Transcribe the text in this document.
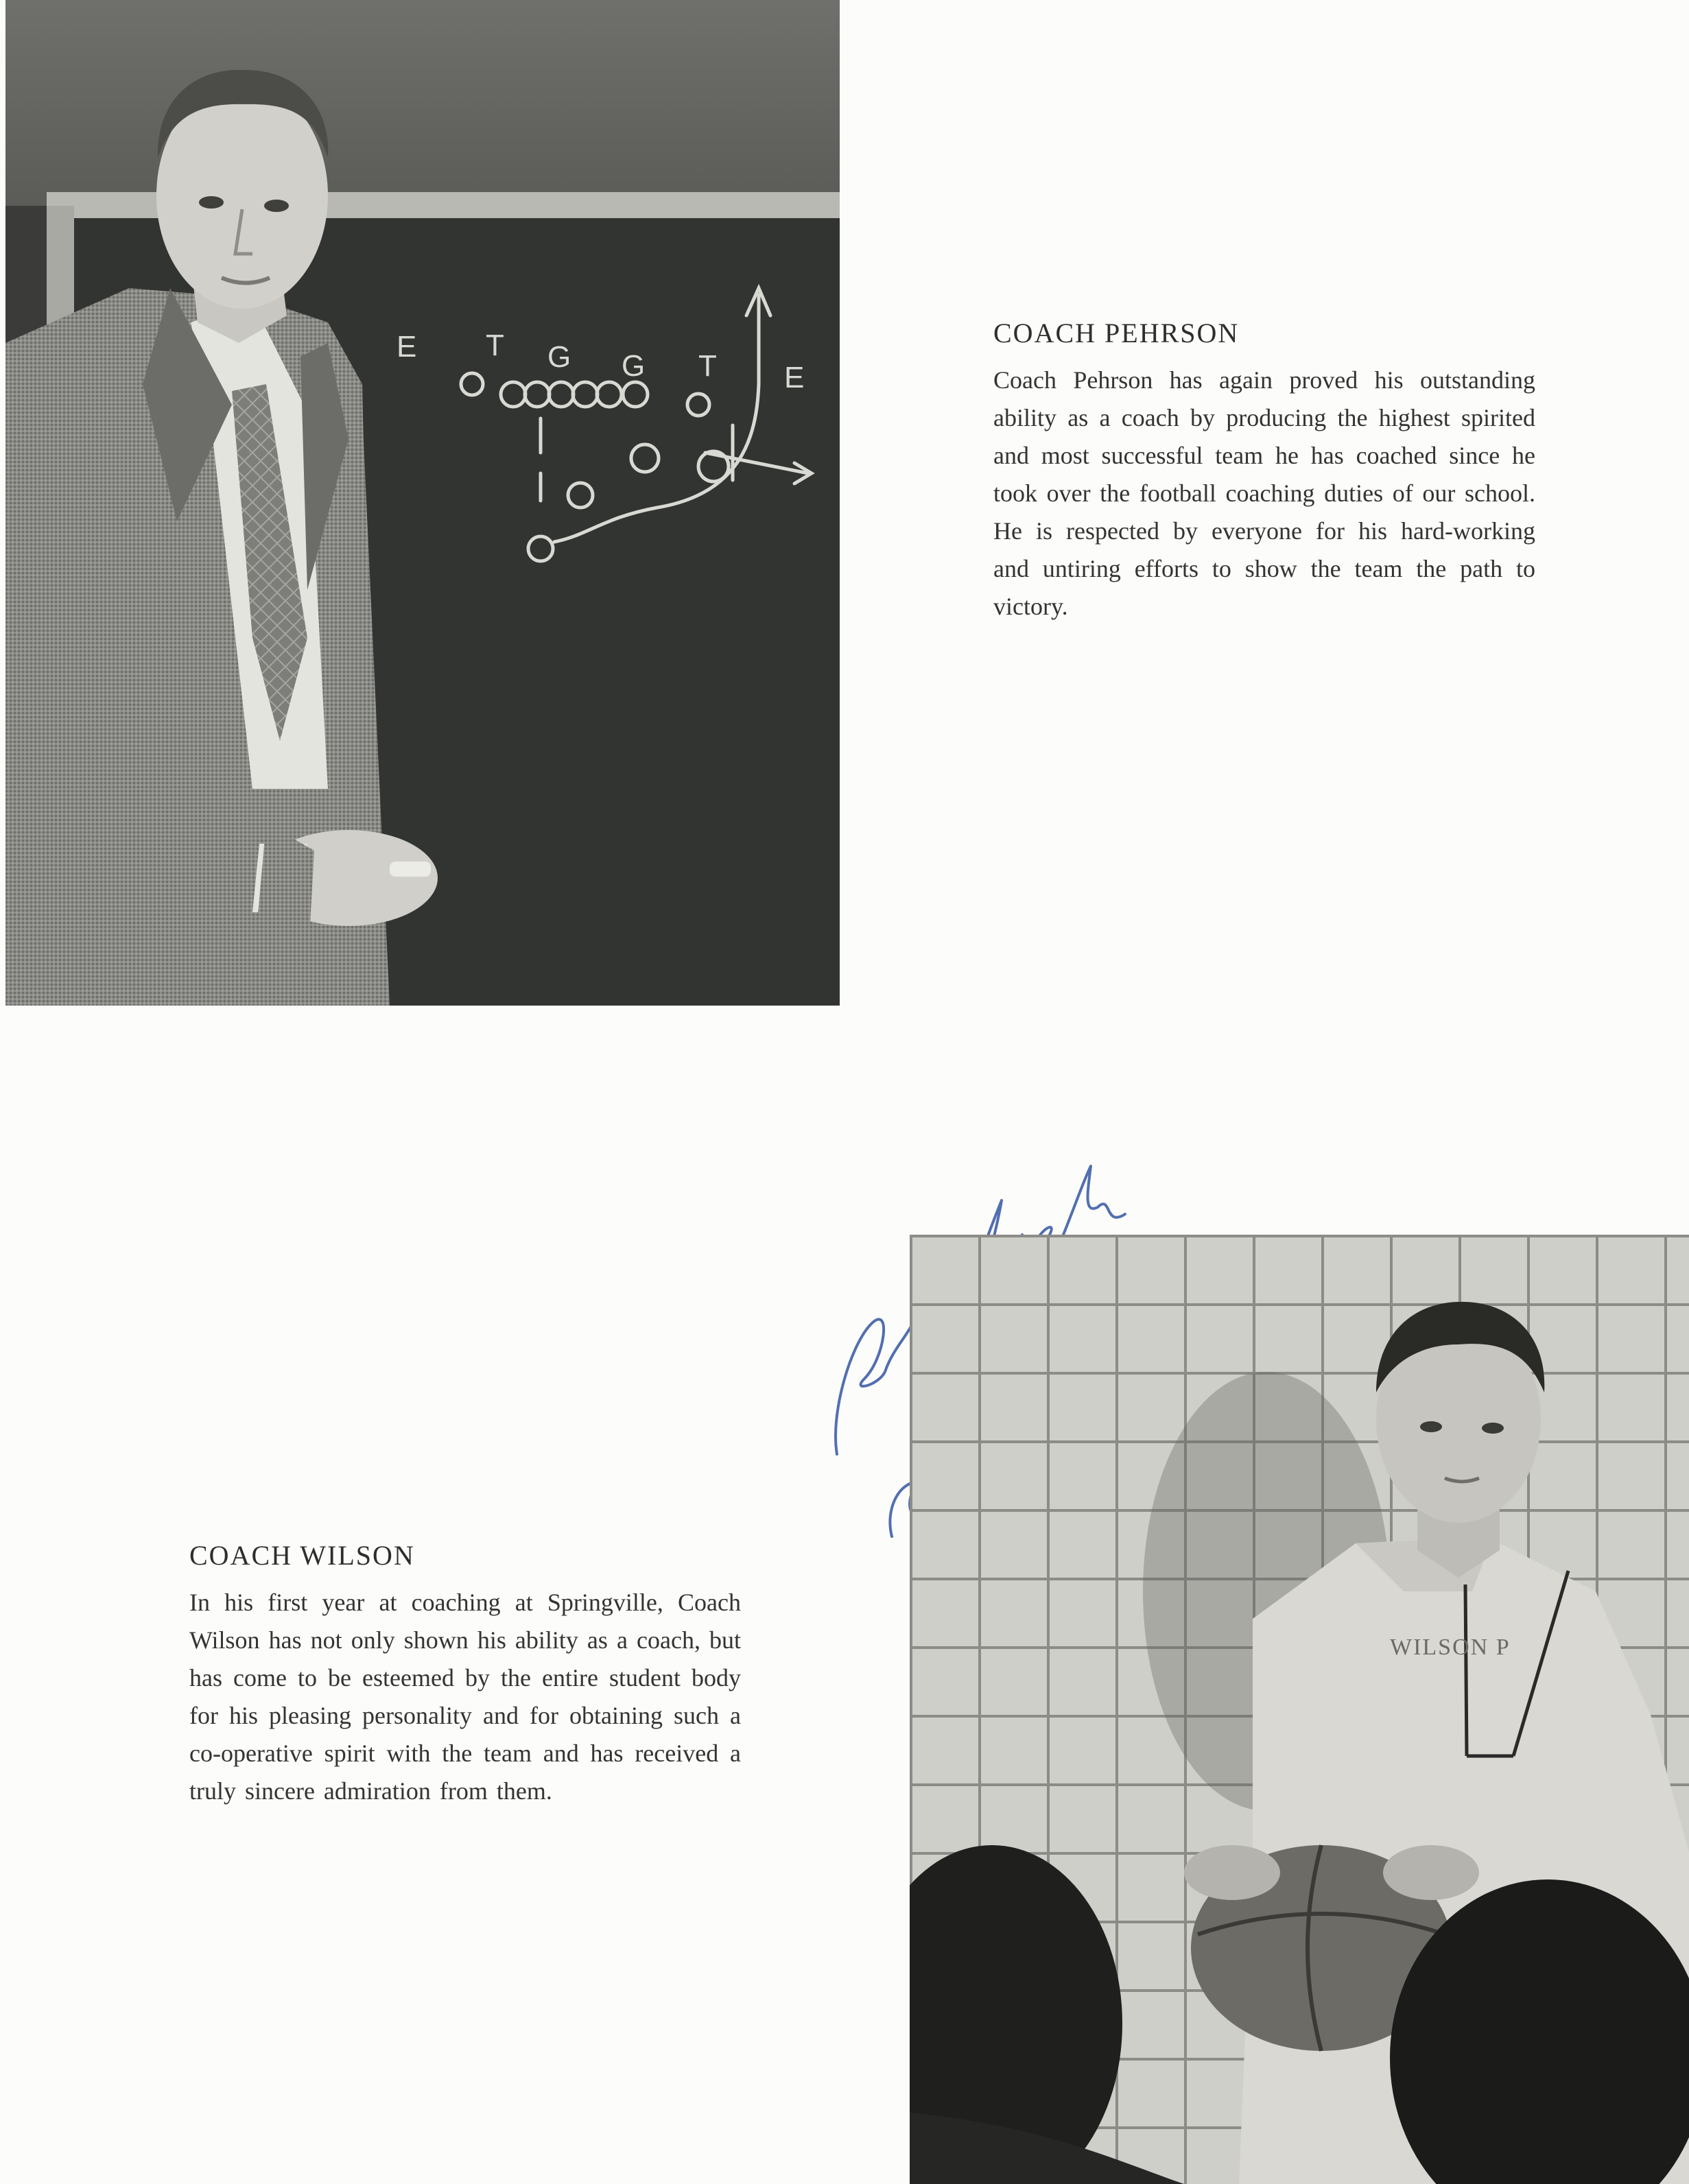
E T G G T E
COACH PEHRSON

Coach Pehrson has again proved his outstanding ability as a coach by producing the highest spirited and most successful team he has coached since he took over the football coaching duties of our school. He is respected by everyone for his hard-working and untiring efforts to show the team the path to victory.

COACH WILSON

In his first year at coaching at Springville, Coach Wilson has not only shown his ability as a coach, but has come to be esteemed by the entire student body for his pleasing personality and for obtaining such a co-operative spirit with the team and has received a truly sincere admiration from them.

WILSON P
